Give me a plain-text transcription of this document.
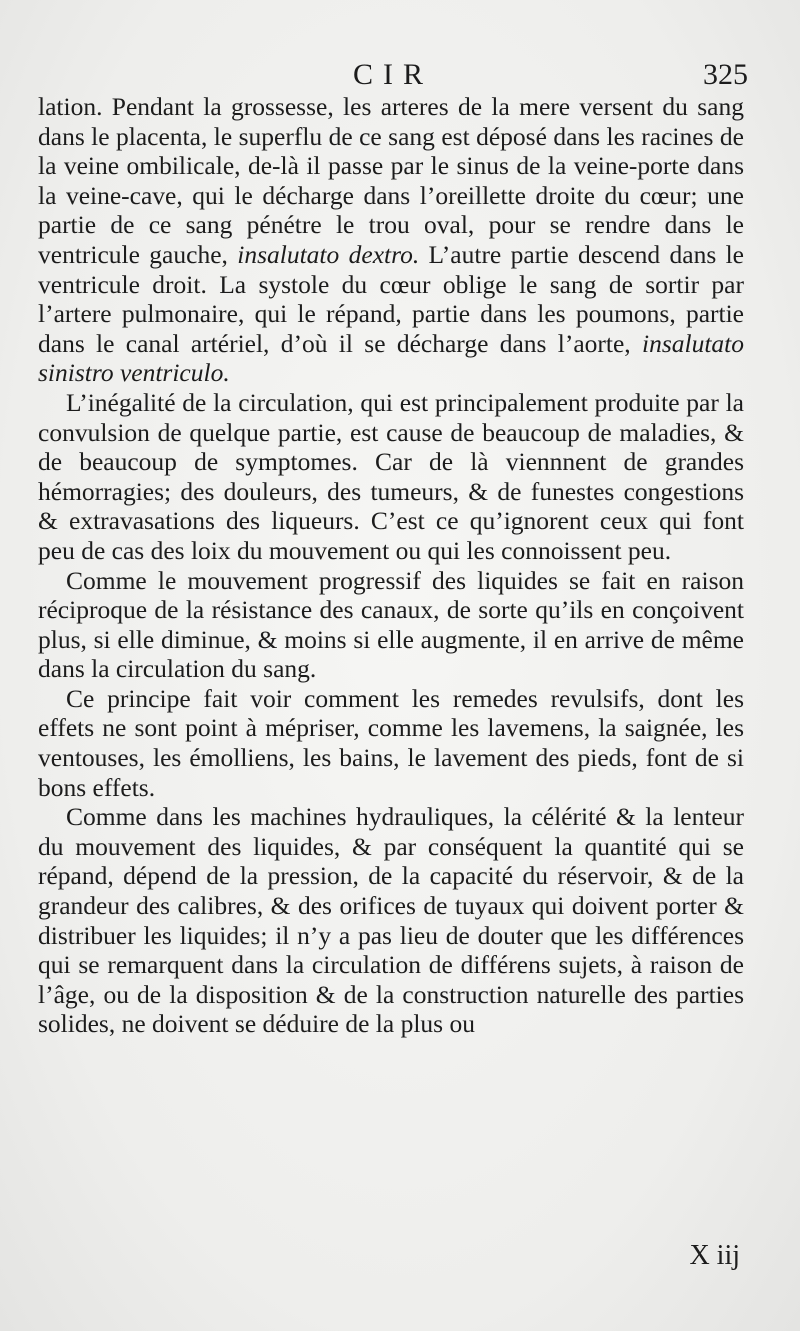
CIR	325

lation. Pendant la grossesse, les arteres de la mere versent du sang dans le placenta, le superflu de ce sang est déposé dans les racines de la veine ombilicale, de-là il passe par le sinus de la veine-porte dans la veine-cave, qui le décharge dans l’oreillette droite du cœur; une partie de ce sang pénétre le trou oval, pour se rendre dans le ventricule gauche, insalutato dextro. L’autre partie descend dans le ventricule droit. La systole du cœur oblige le sang de sortir par l’artere pulmonaire, qui le répand, partie dans les poumons, partie dans le canal artériel, d’où il se décharge dans l’aorte, insalutato sinistro ventriculo.

L’inégalité de la circulation, qui est principalement produite par la convulsion de quelque partie, est cause de beaucoup de maladies, & de beaucoup de symptomes. Car de là viennnent de grandes hémorragies; des douleurs, des tumeurs, & de funestes congestions & extravasations des liqueurs. C’est ce qu’ignorent ceux qui font peu de cas des loix du mouvement ou qui les connoissent peu.

Comme le mouvement progressif des liquides se fait en raison réciproque de la résistance des canaux, de sorte qu’ils en conçoivent plus, si elle diminue, & moins si elle augmente, il en arrive de même dans la circulation du sang.

Ce principe fait voir comment les remedes revulsifs, dont les effets ne sont point à mépriser, comme les lavemens, la saignée, les ventouses, les émolliens, les bains, le lavement des pieds, font de si bons effets.

Comme dans les machines hydrauliques, la célérité & la lenteur du mouvement des liquides, & par conséquent la quantité qui se répand, dépend de la pression, de la capacité du réservoir, & de la grandeur des calibres, & des orifices de tuyaux qui doivent porter & distribuer les liquides; il n’y a pas lieu de douter que les différences qui se remarquent dans la circulation de différens sujets, à raison de l’âge, ou de la disposition & de la construction naturelle des parties solides, ne doivent se déduire de la plus ou

X iij
